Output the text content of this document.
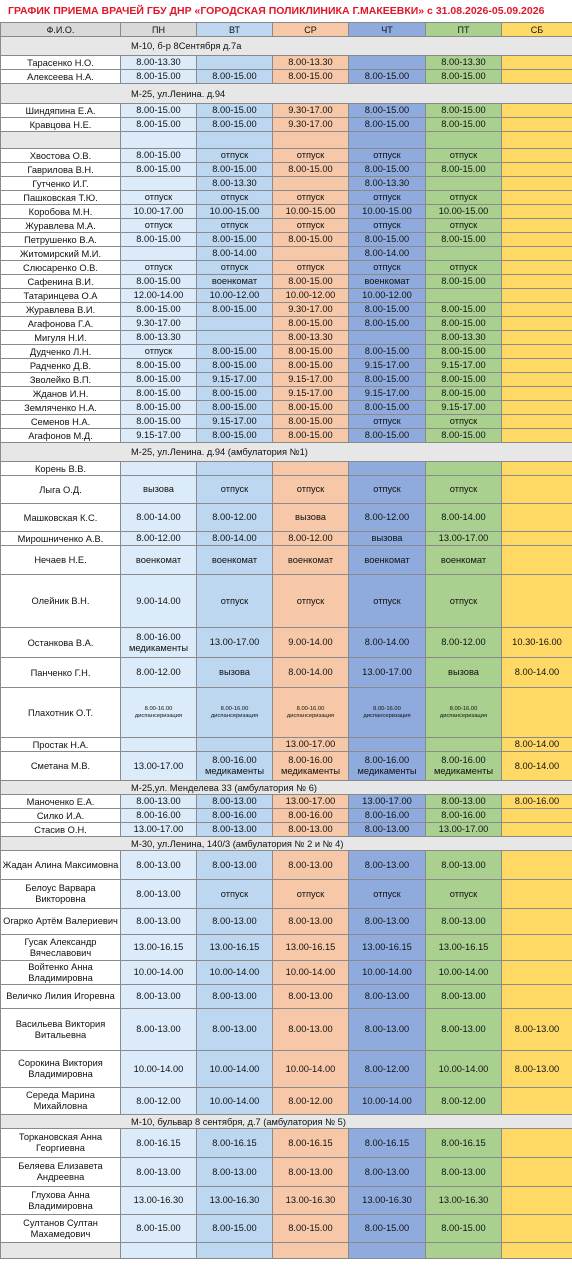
ГРАФИК ПРИЕМА ВРАЧЕЙ ГБУ ДНР «ГОРОДСКАЯ ПОЛИКЛИНИКА Г.МАКЕЕВКИ» с 31.08.2026-05.09.2026
Ф.И.О.	ПН	ВТ	СР	ЧТ	ПТ	СБ
М-10, б-р 8Сентября д.7а						
Тарасенко Н.О.	8.00-13.30		8.00-13.30		8.00-13.30	
Алексеева Н.А.	8.00-15.00	8.00-15.00	8.00-15.00	8.00-15.00	8.00-15.00	
М-25, ул.Ленина. д.94						
Шиндяпина Е.А.	8.00-15.00	8.00-15.00	9.30-17.00	8.00-15.00	8.00-15.00	
Кравцова Н.Е.	8.00-15.00	8.00-15.00	9.30-17.00	8.00-15.00	8.00-15.00	

Хвостова О.В.	8.00-15.00	отпуск	отпуск	отпуск	отпуск	
Гаврилова В.Н.	8.00-15.00	8.00-15.00	8.00-15.00	8.00-15.00	8.00-15.00	
Гутченко И.Г.		8.00-13.30		8.00-13.30		
Пашковская Т.Ю.	отпуск	отпуск	отпуск	отпуск	отпуск	
Коробова М.Н.	10.00-17.00	10.00-15.00	10.00-15.00	10.00-15.00	10.00-15.00	
Журавлева М.А.	отпуск	отпуск	отпуск	отпуск	отпуск	
Петрушенко В.А.	8.00-15.00	8.00-15.00	8.00-15.00	8.00-15.00	8.00-15.00	
Житомирский М.И.		8.00-14.00		8.00-14.00		
Слюсаренко О.В.	отпуск	отпуск	отпуск	отпуск	отпуск	
Сафенина В.И.	8.00-15.00	военкомат	8.00-15.00	военкомат	8.00-15.00	
Татаринцева О.А	12.00-14.00	10.00-12.00	10.00-12.00	10.00-12.00		
Журавлева В.И.	8.00-15.00	8.00-15.00	9.30-17.00	8.00-15.00	8.00-15.00	
Агафонова Г.А.	9.30-17.00		8.00-15.00	8.00-15.00	8.00-15.00	
Мигуля Н.И.	8.00-13.30		8.00-13.30		8.00-13.30	
Дудченко Л.Н.	отпуск	8.00-15.00	8.00-15.00	8.00-15.00	8.00-15.00	
Радченко Д.В.	8.00-15.00	8.00-15.00	8.00-15.00	9.15-17.00	9.15-17.00	
Зволейко В.П.	8.00-15.00	9.15-17.00	9.15-17.00	8.00-15.00	8.00-15.00	
Жданов И.Н.	8.00-15.00	8.00-15.00	9.15-17.00	9.15-17.00	8.00-15.00	
Земляченко Н.А.	8.00-15.00	8.00-15.00	8.00-15.00	8.00-15.00	9.15-17.00	
Семенов Н.А.	8.00-15.00	9.15-17.00	8.00-15.00	отпуск	отпуск	
Агафонов М.Д.	9.15-17.00	8.00-15.00	8.00-15.00	8.00-15.00	8.00-15.00	
М-25, ул.Ленина. д.94 (амбулатория №1)						
Корень В.В.						
Лыга О.Д.	вызова	отпуск	отпуск	отпуск	отпуск	
Машковская К.С.	8.00-14.00	8.00-12.00	вызова	8.00-12.00	8.00-14.00	
Мирошниченко А.В.	8.00-12.00	8.00-14.00	8.00-12.00	вызова	13.00-17.00	
Нечаев Н.Е.	военкомат	военкомат	военкомат	военкомат	военкомат	
Олейник В.Н.	9.00-14.00	отпуск	отпуск	отпуск	отпуск	
Останкова В.А.	8.00-16.00 медикаменты	13.00-17.00	9.00-14.00	8.00-14.00	8.00-12.00	10.30-16.00
Панченко Г.Н.	8.00-12.00	вызова	8.00-14.00	13.00-17.00	вызова	8.00-14.00
Плахотник О.Т.	8.00-16.00 диспансеризация	8.00-16.00 диспансеризация	8.00-16.00 диспансеризация	8.00-16.00 диспансеризация	8.00-16.00 диспансеризация	
Простак Н.А.			13.00-17.00			8.00-14.00
Сметана М.В.	13.00-17.00	8.00-16.00 медикаменты	8.00-16.00 медикаменты	8.00-16.00 медикаменты	8.00-16.00 медикаменты	8.00-14.00
М-25,ул. Менделева 33 (амбулатория № 6)						
Маноченко Е.А.	8.00-13.00	8.00-13.00	13.00-17.00	13.00-17.00	8.00-13.00	8.00-16.00
Силко И.А.	8.00-16.00	8.00-16.00	8.00-16.00	8.00-16.00	8.00-16.00	
Стасив О.Н.	13.00-17.00	8.00-13.00	8.00-13.00	8.00-13.00	13.00-17.00	
М-30, ул.Ленина, 140/3 (амбулатория № 2 и № 4)						
Жадан Алина Максимовна	8.00-13.00	8.00-13.00	8.00-13.00	8.00-13.00	8.00-13.00	
Белоус Варвара Викторовна	8.00-13.00	отпуск	отпуск	отпуск	отпуск	
Огарко Артём Валериевич	8.00-13.00	8.00-13.00	8.00-13.00	8.00-13.00	8.00-13.00	
Гусак Александр Вячеславович	13.00-16.15	13.00-16.15	13.00-16.15	13.00-16.15	13.00-16.15	
Войтенко Анна Владимировна	10.00-14.00	10.00-14.00	10.00-14.00	10.00-14.00	10.00-14.00	
Величко Лилия Игоревна	8.00-13.00	8.00-13.00	8.00-13.00	8.00-13.00	8.00-13.00	
Васильева Виктория Витальевна	8.00-13.00	8.00-13.00	8.00-13.00	8.00-13.00	8.00-13.00	8.00-13.00
Сорокина Виктория Владимировна	10.00-14.00	10.00-14.00	10.00-14.00	8.00-12.00	10.00-14.00	8.00-13.00
Середа Марина Михайловна	8.00-12.00	10.00-14.00	8.00-12.00	10.00-14.00	8.00-12.00	
М-10, бульвар 8 сентября, д.7 (амбулатория № 5)						
Торкановская Анна Георгиевна	8.00-16.15	8.00-16.15	8.00-16.15	8.00-16.15	8.00-16.15	
Беляева Елизавета Андреевна	8.00-13.00	8.00-13.00	8.00-13.00	8.00-13.00	8.00-13.00	
Глухова Анна Владимировна	13.00-16.30	13.00-16.30	13.00-16.30	13.00-16.30	13.00-16.30	
Султанов Султан Махамедович	8.00-15.00	8.00-15.00	8.00-15.00	8.00-15.00	8.00-15.00	
